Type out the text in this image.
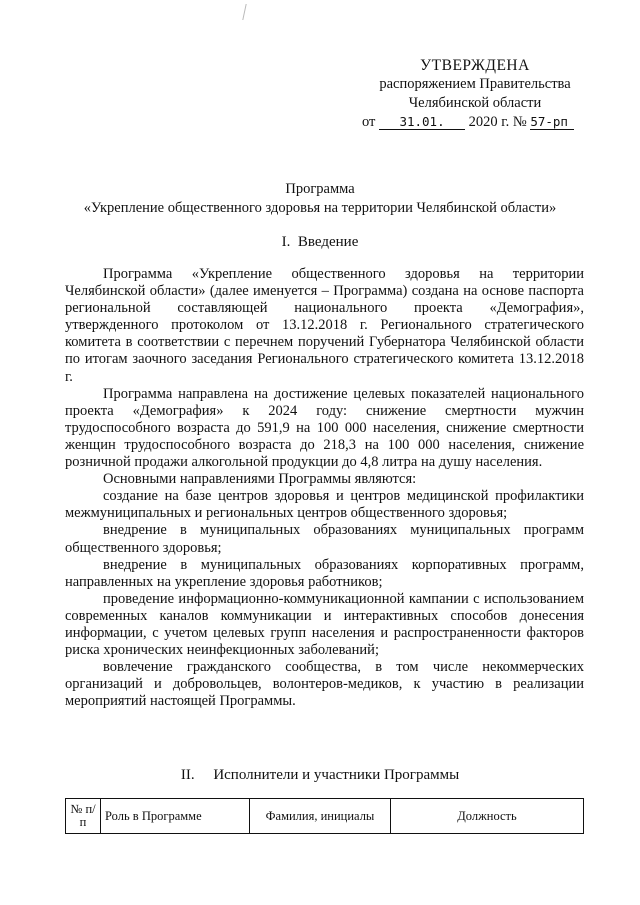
УТВЕРЖДЕНА
распоряжением Правительства
Челябинской области
от 31.01. 2020 г. № 57-рп
Программа
«Укрепление общественного здоровья на территории Челябинской области»
I.  Введение

Программа «Укрепление общественного здоровья на территории Челябинской области» (далее именуется – Программа) создана на основе паспорта региональной составляющей национального проекта «Демография», утвержденного протоколом от 13.12.2018 г. Регионального стратегического комитета в соответствии с перечнем поручений Губернатора Челябинской области по итогам заочного заседания Регионального стратегического комитета 13.12.2018 г.

Программа направлена на достижение целевых показателей национального проекта «Демография» к 2024 году: снижение смертности мужчин трудоспособного возраста до 591,9 на 100 000 населения, снижение смертности женщин трудоспособного возраста до 218,3 на 100 000 населения, снижение розничной продажи алкогольной продукции до 4,8 литра на душу населения.

Основными направлениями Программы являются:

создание на базе центров здоровья и центров медицинской профилактики межмуниципальных и региональных центров общественного здоровья;

внедрение в муниципальных образованиях муниципальных программ общественного здоровья;

внедрение в муниципальных образованиях корпоративных программ, направленных на укрепление здоровья работников;

проведение информационно-коммуникационной кампании с использованием современных каналов коммуникации и интерактивных способов донесения информации, с учетом целевых групп населения и распространенности факторов риска хронических неинфекционных заболеваний;

вовлечение гражданского сообщества, в том числе некоммерческих организаций и добровольцев, волонтеров-медиков, к участию в реализации мероприятий настоящей Программы.

II.     Исполнители и участники Программы
№ п/п	Роль в Программе	Фамилия, инициалы	Должность
